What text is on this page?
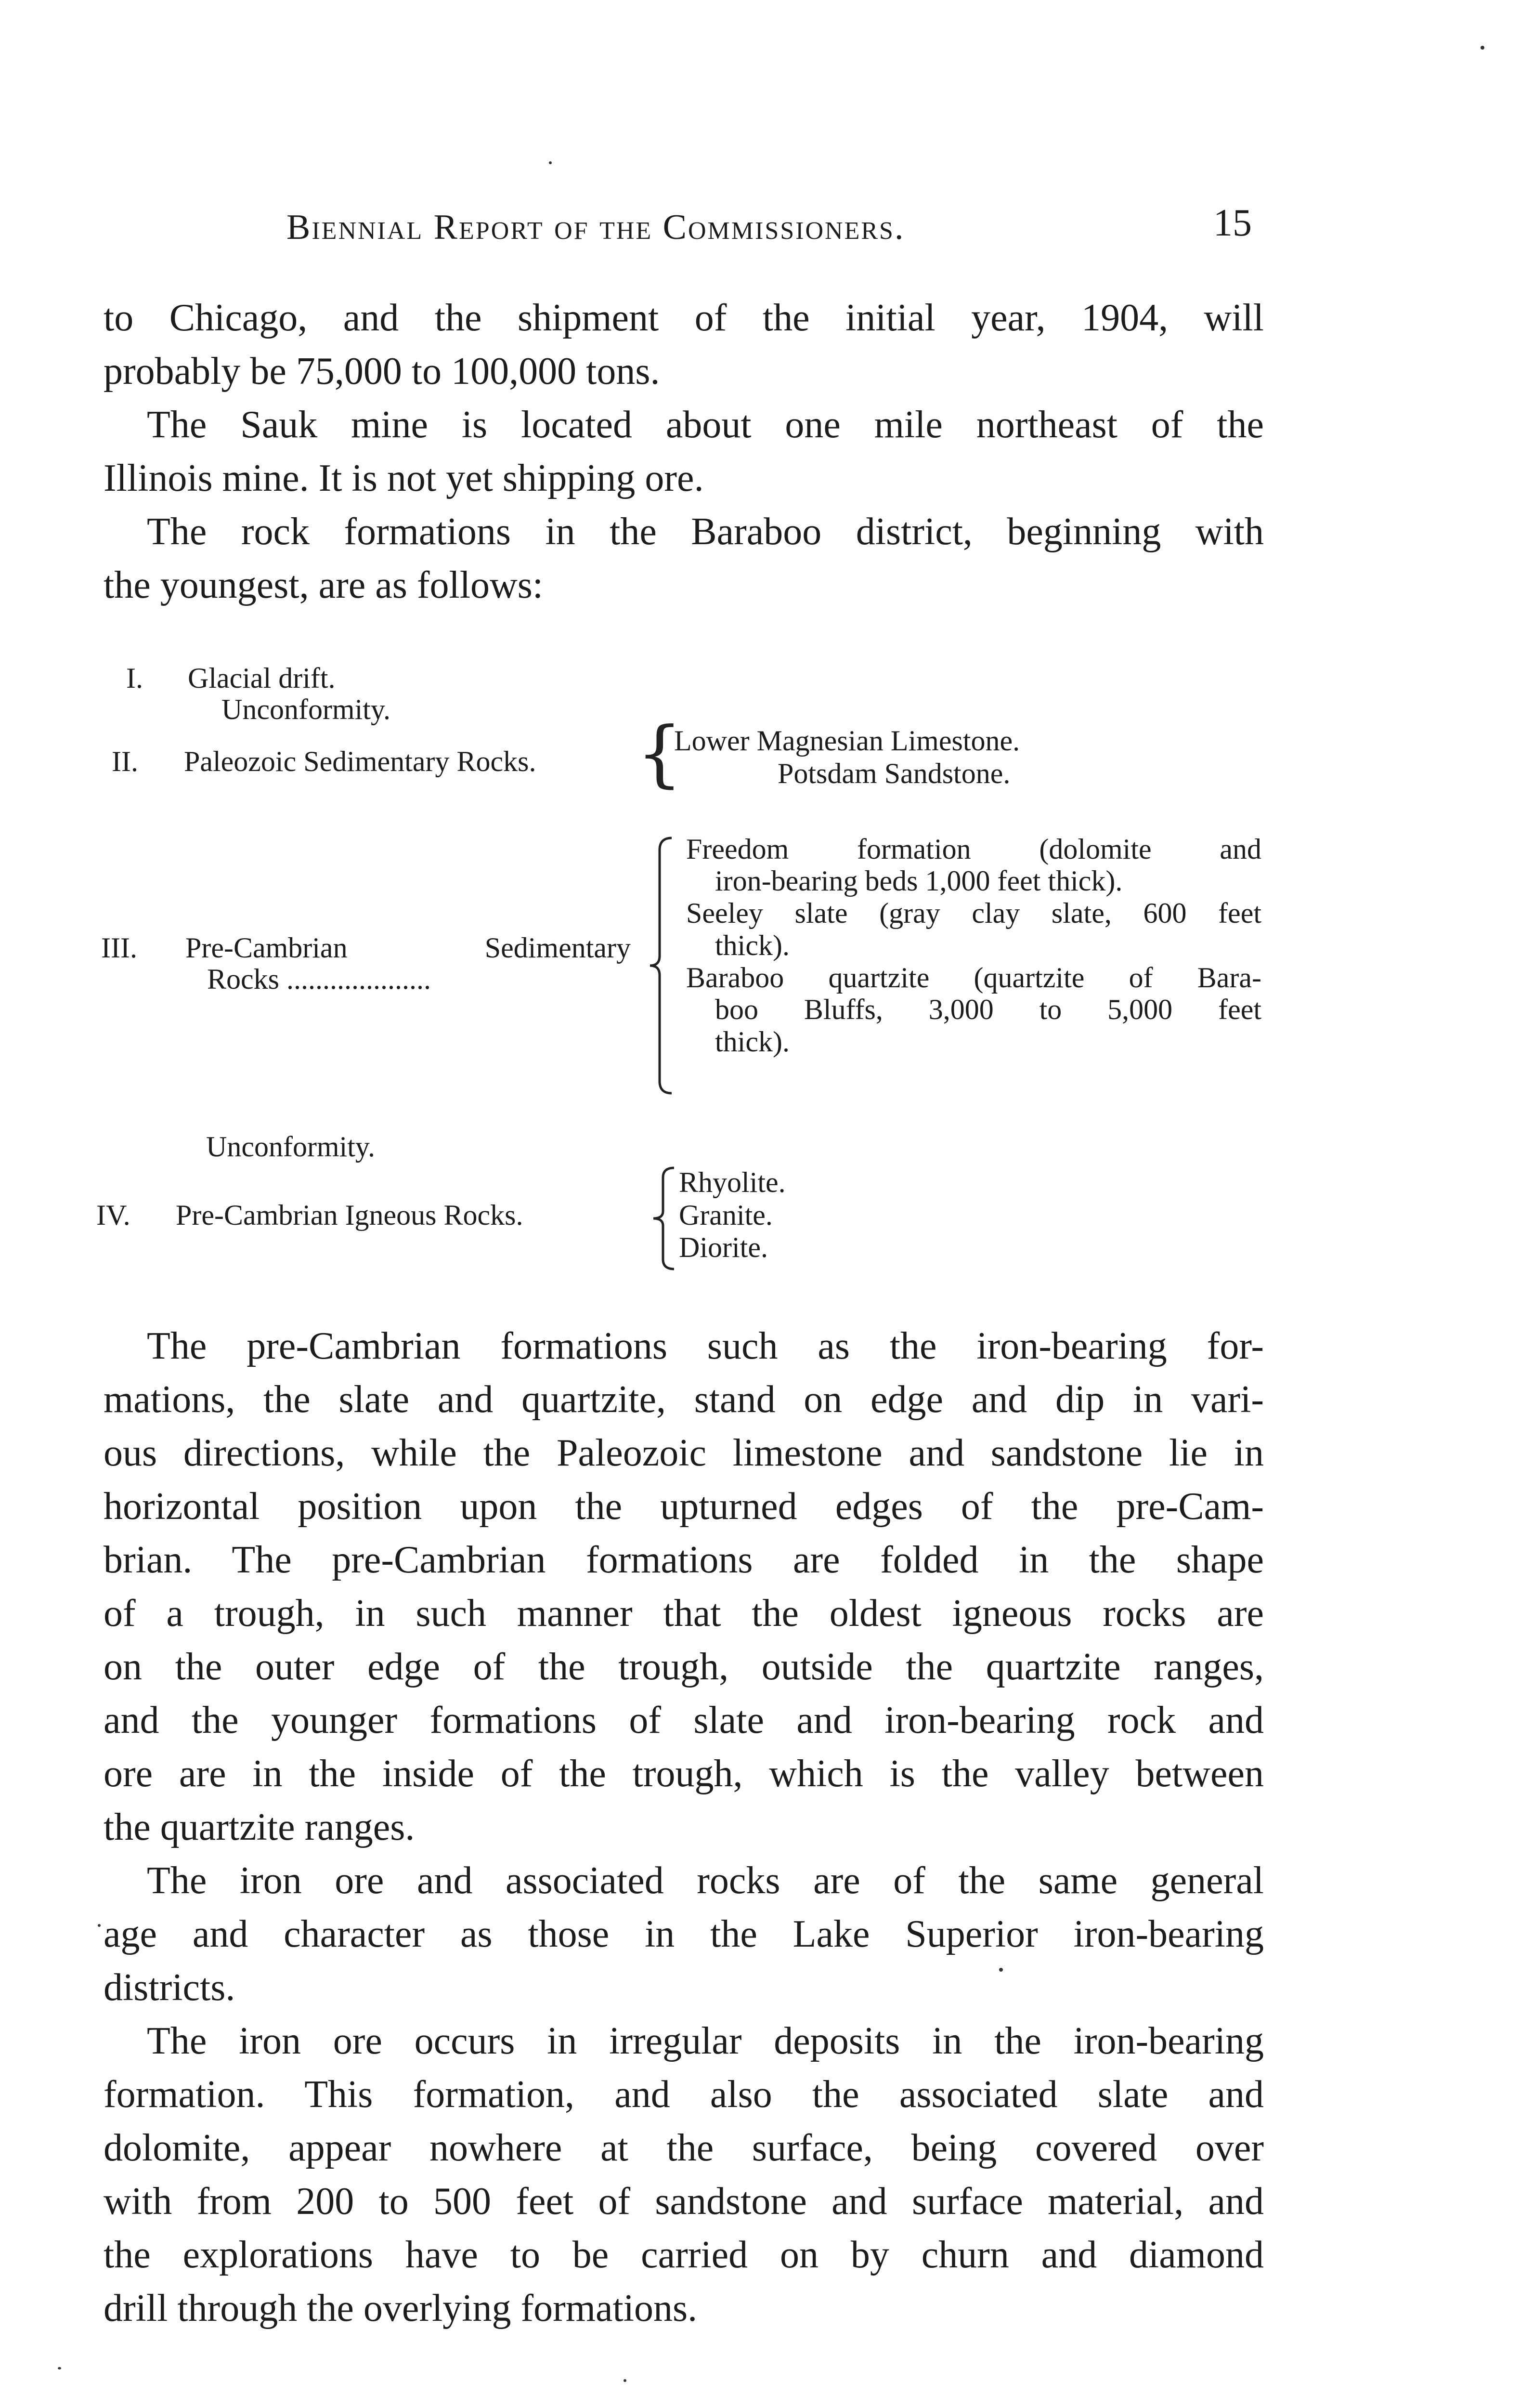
Biennial Report of the Commissioners.	15
to Chicago, and the shipment of the initial year, 1904, will
probably be 75,000 to 100,000 tons.
The Sauk mine is located about one mile northeast of the
Illinois mine. It is not yet shipping ore.
The rock formations in the Baraboo district, beginning with
the youngest, are as follows:
I. Glacial drift.
Unconformity.
II. Paleozoic Sedimentary Rocks. {
Lower Magnesian Limestone.
Potsdam Sandstone.
III. Pre-Cambrian Sedimentary
Rocks ....................
Freedom formation (dolomite and
iron-bearing beds 1,000 feet thick).
Seeley slate (gray clay slate, 600 feet
thick).
Baraboo quartzite (quartzite of Bara-
boo Bluffs, 3,000 to 5,000 feet
thick).
Unconformity.
IV. Pre-Cambrian Igneous Rocks.
Rhyolite.
Granite.
Diorite.
The pre-Cambrian formations such as the iron-bearing for-
mations, the slate and quartzite, stand on edge and dip in vari-
ous directions, while the Paleozoic limestone and sandstone lie in
horizontal position upon the upturned edges of the pre-Cam-
brian. The pre-Cambrian formations are folded in the shape
of a trough, in such manner that the oldest igneous rocks are
on the outer edge of the trough, outside the quartzite ranges,
and the younger formations of slate and iron-bearing rock and
ore are in the inside of the trough, which is the valley between
the quartzite ranges.
The iron ore and associated rocks are of the same general
age and character as those in the Lake Superior iron-bearing
districts.
The iron ore occurs in irregular deposits in the iron-bearing
formation. This formation, and also the associated slate and
dolomite, appear nowhere at the surface, being covered over
with from 200 to 500 feet of sandstone and surface material, and
the explorations have to be carried on by churn and diamond
drill through the overlying formations.
